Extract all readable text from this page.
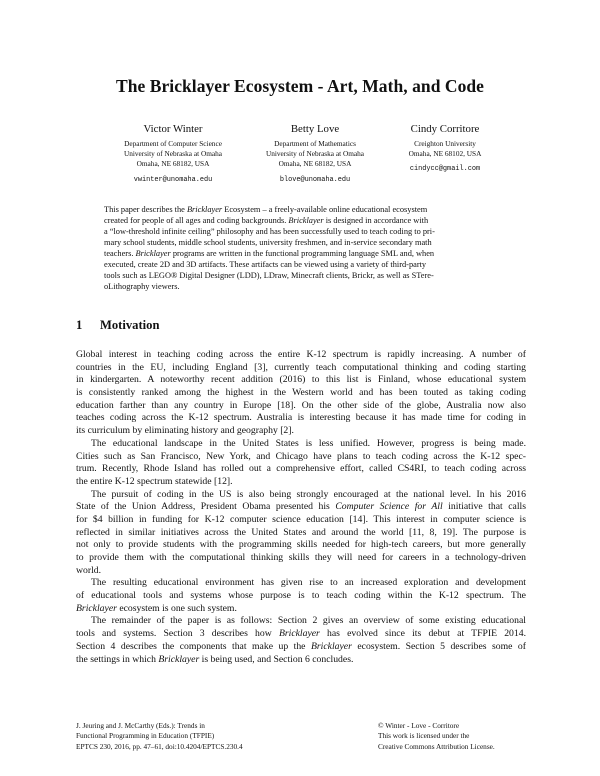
The Bricklayer Ecosystem - Art, Math, and Code
Victor Winter
Department of Computer Science
University of Nebraska at Omaha
Omaha, NE 68182, USA
vwinter@unomaha.edu
Betty Love
Department of Mathematics
University of Nebraska at Omaha
Omaha, NE 68182, USA
blove@unomaha.edu
Cindy Corritore
Creighton University
Omaha, NE 68102, USA
cindycc@gmail.com

This paper describes the Bricklayer Ecosystem – a freely-available online educational ecosystem
created for people of all ages and coding backgrounds. Bricklayer is designed in accordance with
a “low-threshold infinite ceiling” philosophy and has been successfully used to teach coding to pri-
mary school students, middle school students, university freshmen, and in-service secondary math
teachers. Bricklayer programs are written in the functional programming language SML and, when
executed, create 2D and 3D artifacts. These artifacts can be viewed using a variety of third-party
tools such as LEGO® Digital Designer (LDD), LDraw, Minecraft clients, Brickr, as well as STere-
oLithography viewers.

1 Motivation
Global interest in teaching coding across the entire K-12 spectrum is rapidly increasing. A number of
countries in the EU, including England [3], currently teach computational thinking and coding starting
in kindergarten. A noteworthy recent addition (2016) to this list is Finland, whose educational system
is consistently ranked among the highest in the Western world and has been touted as taking coding
education farther than any country in Europe [18]. On the other side of the globe, Australia now also
teaches coding across the K-12 spectrum. Australia is interesting because it has made time for coding in
its curriculum by eliminating history and geography [2].
The educational landscape in the United States is less unified. However, progress is being made.
Cities such as San Francisco, New York, and Chicago have plans to teach coding across the K-12 spec-
trum. Recently, Rhode Island has rolled out a comprehensive effort, called CS4RI, to teach coding across
the entire K-12 spectrum statewide [12].
The pursuit of coding in the US is also being strongly encouraged at the national level. In his 2016
State of the Union Address, President Obama presented his Computer Science for All initiative that calls
for $4 billion in funding for K-12 computer science education [14]. This interest in computer science is
reflected in similar initiatives across the United States and around the world [11, 8, 19]. The purpose is
not only to provide students with the programming skills needed for high-tech careers, but more generally
to provide them with the computational thinking skills they will need for careers in a technology-driven
world.
The resulting educational environment has given rise to an increased exploration and development
of educational tools and systems whose purpose is to teach coding within the K-12 spectrum. The
Bricklayer ecosystem is one such system.
The remainder of the paper is as follows: Section 2 gives an overview of some existing educational
tools and systems. Section 3 describes how Bricklayer has evolved since its debut at TFPIE 2014.
Section 4 describes the components that make up the Bricklayer ecosystem. Section 5 describes some of
the settings in which Bricklayer is being used, and Section 6 concludes.
J. Jeuring and J. McCarthy (Eds.): Trends in
Functional Programming in Education (TFPIE)
EPTCS 230, 2016, pp. 47–61, doi:10.4204/EPTCS.230.4
© Winter - Love - Corritore
This work is licensed under the
Creative Commons Attribution License.
